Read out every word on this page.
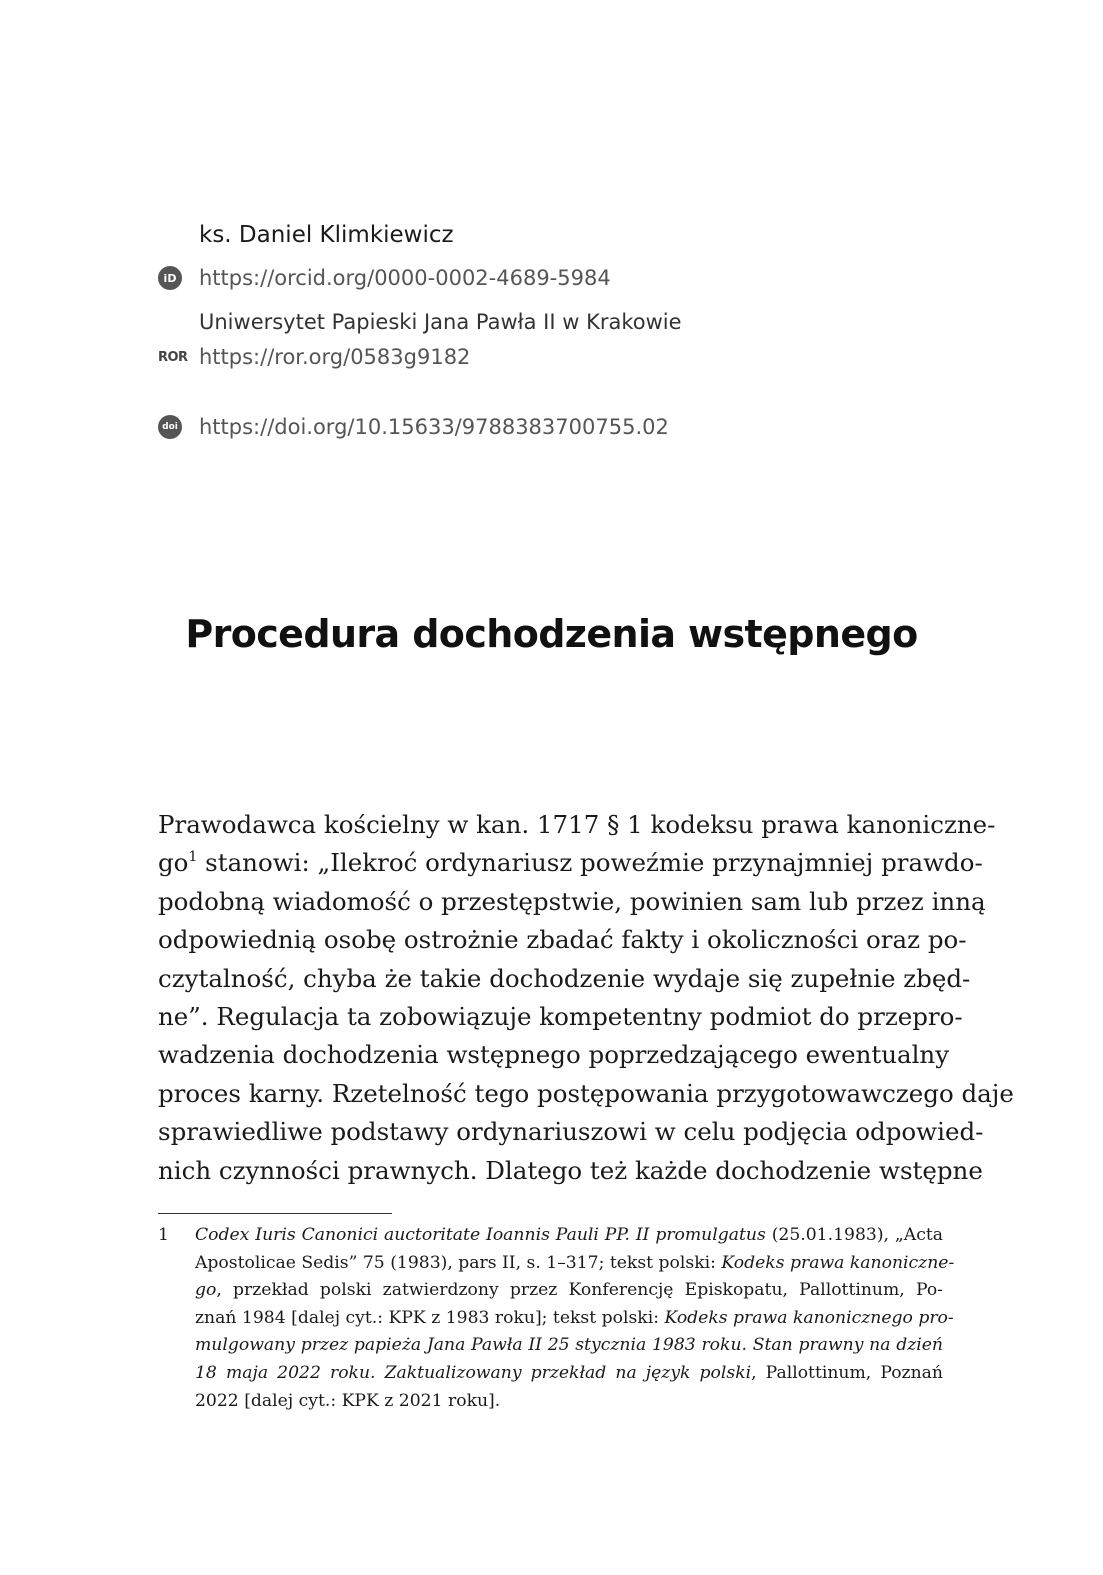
ks. Daniel Klimkiewicz
iD https://orcid.org/0000-0002-4689-5984
Uniwersytet Papieski Jana Pawła II w Krakowie
ROR https://ror.org/0583g9182
doi https://doi.org/10.15633/9788383700755.02
Procedura dochodzenia wstępnego
Prawodawca kościelny w kan. 1717 § 1 kodeksu prawa kanoniczne-
go$^1$ stanowi: „Ilekroć ordynariusz poweźmie przynajmniej prawdo-
podobną wiadomość o przestępstwie, powinien sam lub przez inną
odpowiednią osobę ostrożnie zbadać fakty i okoliczności oraz po-
czytalność, chyba że takie dochodzenie wydaje się zupełnie zbęd-
ne”. Regulacja ta zobowiązuje kompetentny podmiot do przepro-
wadzenia dochodzenia wstępnego poprzedzającego ewentualny
proces karny. Rzetelność tego postępowania przygotowawczego daje
sprawiedliwe podstawy ordynariuszowi w celu podjęcia odpowied-
nich czynności prawnych. Dlatego też każde dochodzenie wstępne
1 Codex Iuris Canonici auctoritate Ioannis Pauli PP. II promulgatus (25.01.1983), „Acta
Apostolicae Sedis” 75 (1983), pars II, s. 1–317; tekst polski: Kodeks prawa kanoniczne-
go, przekład polski zatwierdzony przez Konferencję Episkopatu, Pallottinum, Po-
znań 1984 [dalej cyt.: KPK z 1983 roku]; tekst polski: Kodeks prawa kanonicznego pro-
mulgowany przez papieża Jana Pawła II 25 stycznia 1983 roku. Stan prawny na dzień
18 maja 2022 roku. Zaktualizowany przekład na język polski, Pallottinum, Poznań
2022 [dalej cyt.: KPK z 2021 roku].
